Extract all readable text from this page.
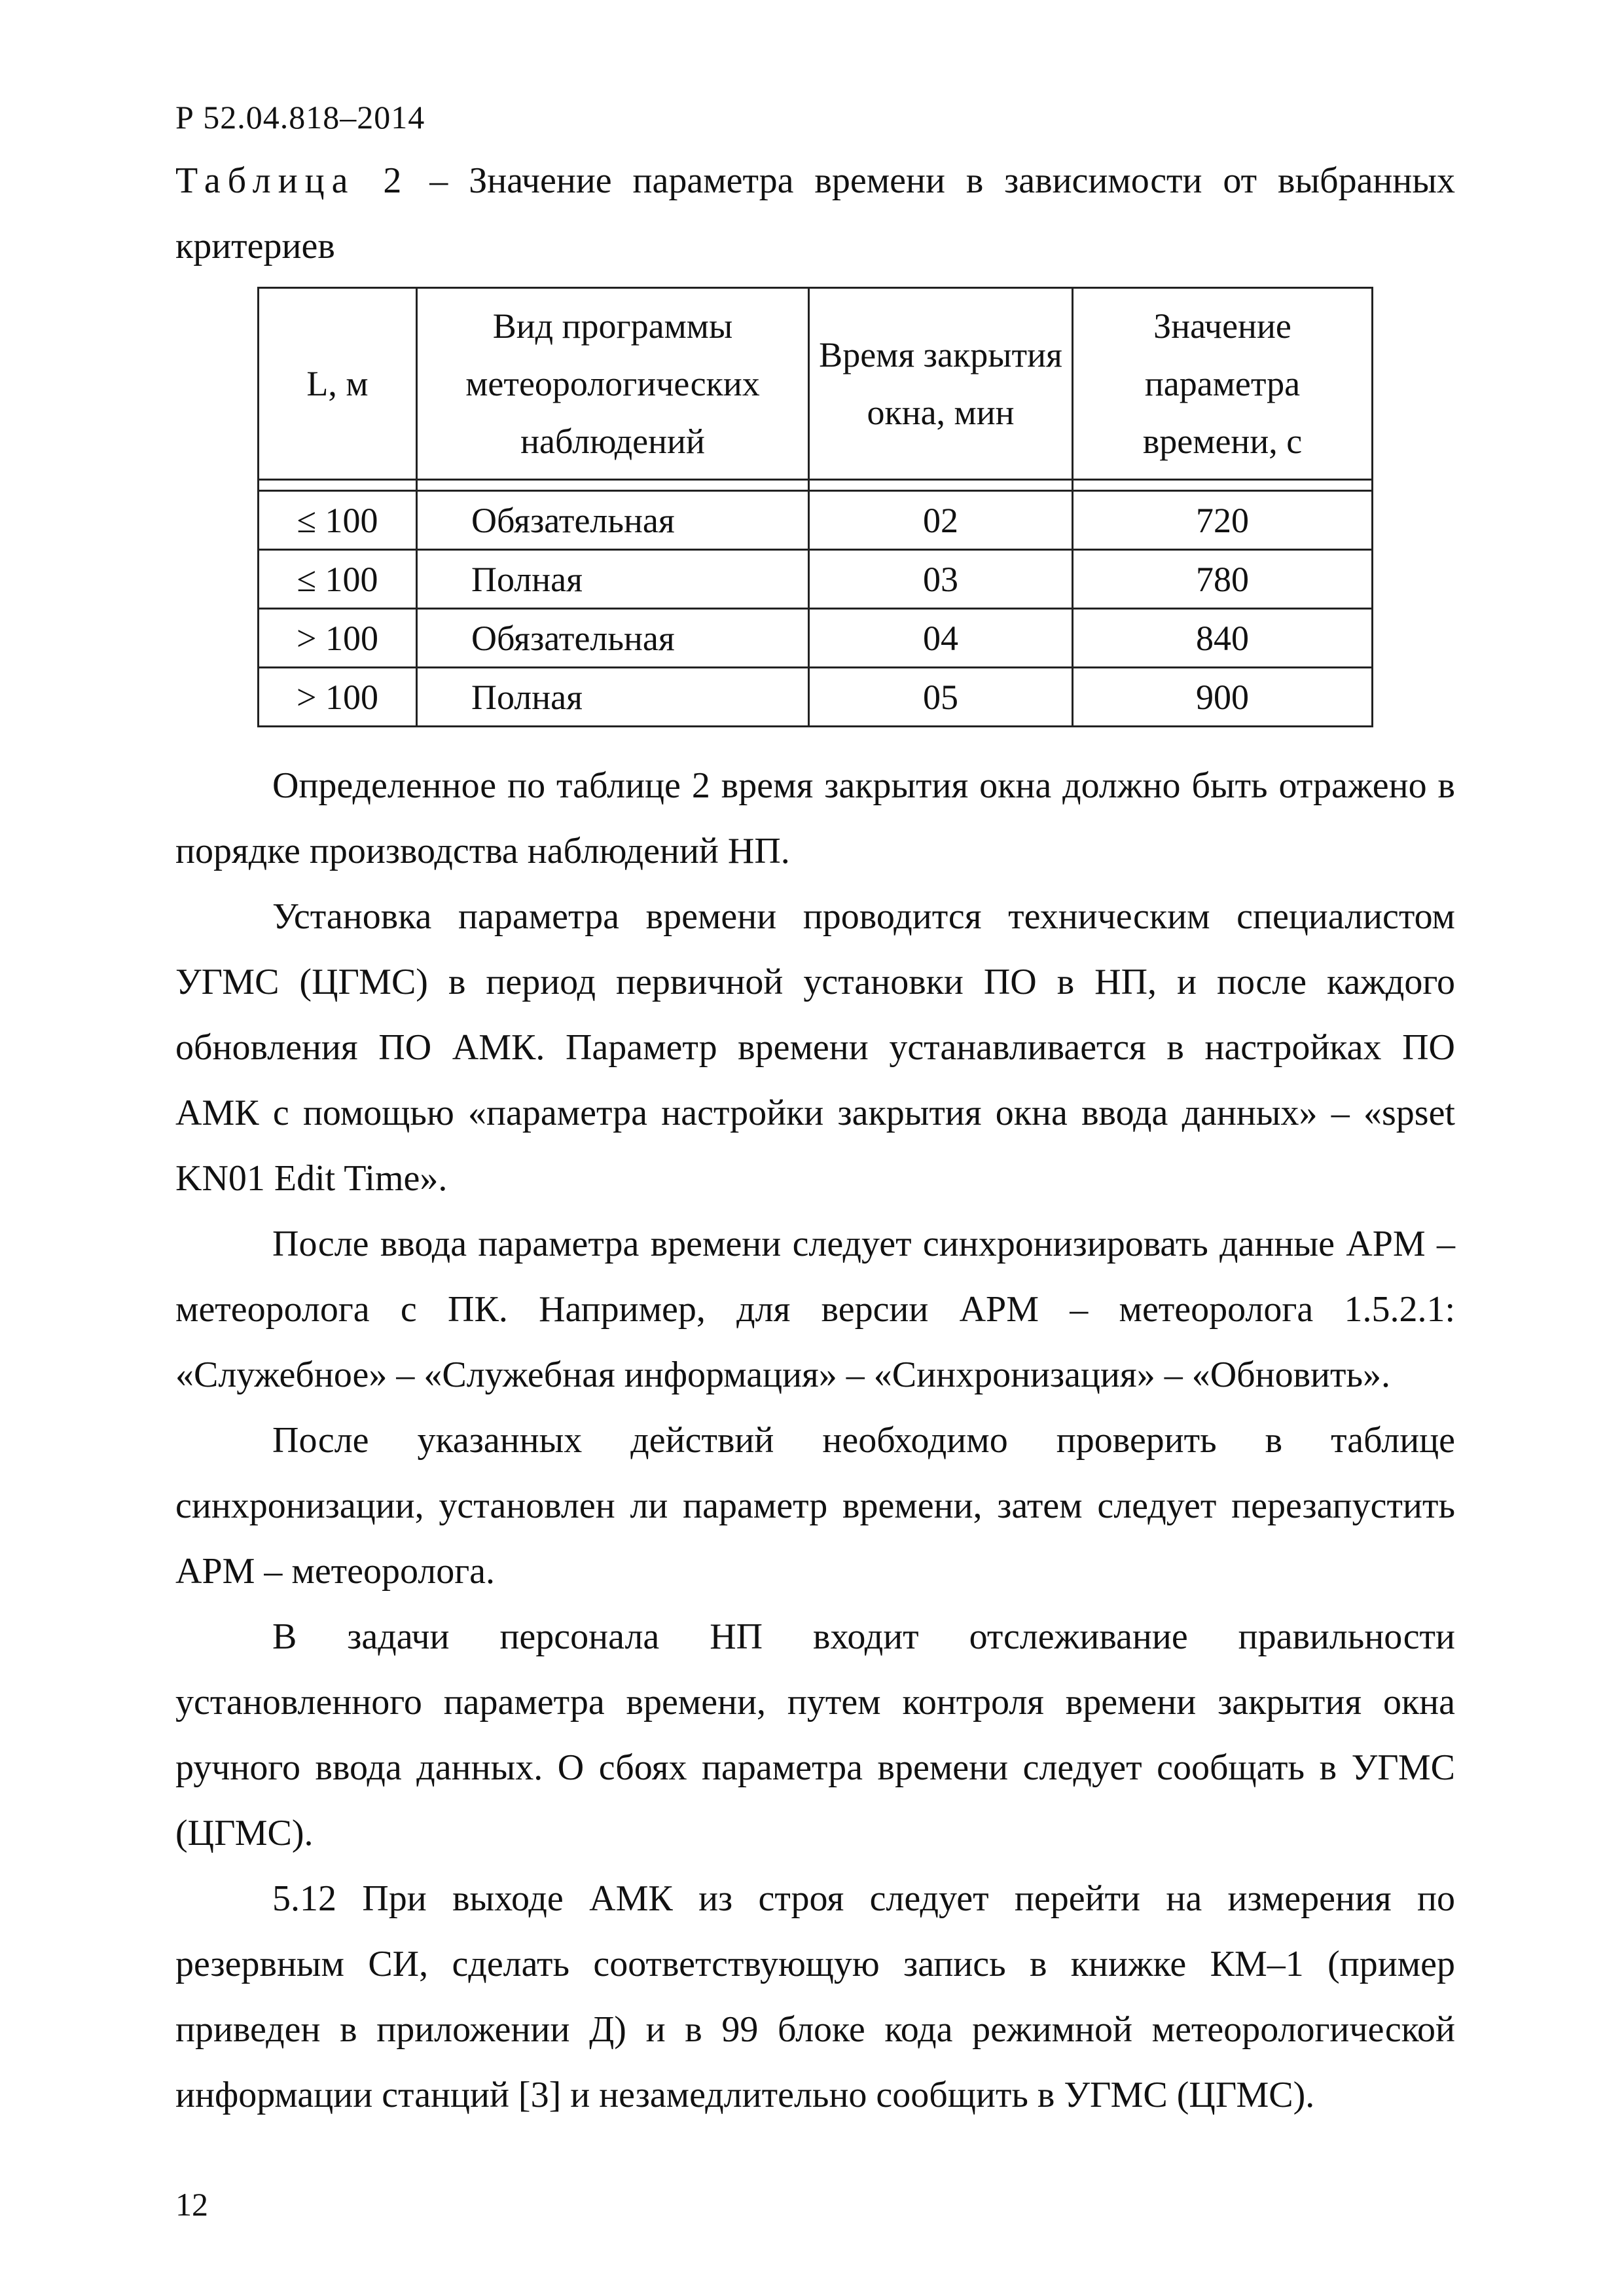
Р 52.04.818–2014
Таблица 2 – Значение параметра времени в зависимости от выбранных критериев
L, м	Вид программы метеорологических наблюдений	Время закрытия окна, мин	Значение параметра времени, с

≤ 100	Обязательная	02	720
≤ 100	Полная	03	780
> 100	Обязательная	04	840
> 100	Полная	05	900

Определенное по таблице 2 время закрытия окна должно быть отражено в порядке производства наблюдений НП.

Установка параметра времени проводится техническим специалистом УГМС (ЦГМС) в период первичной установки ПО в НП, и после каждого обновления ПО АМК. Параметр времени устанавливается в настройках ПО АМК с помощью «параметра настройки закрытия окна ввода данных» – «spset KN01 Edit Time».

После ввода параметра времени следует синхронизировать данные АРМ – метеоролога с ПК. Например, для версии АРМ – метеоролога 1.5.2.1: «Служебное» – «Служебная информация» – «Синхронизация» – «Обновить».

После указанных действий необходимо проверить в таблице синхронизации, установлен ли параметр времени, затем следует перезапустить АРМ – метеоролога.

В задачи персонала НП входит отслеживание правильности установленного параметра времени, путем контроля времени закрытия окна ручного ввода данных. О сбоях параметра времени следует сообщать в УГМС (ЦГМС).

5.12 При выходе АМК из строя следует перейти на измерения по резервным СИ, сделать соответствующую запись в книжке КМ–1 (пример приведен в приложении Д) и в 99 блоке кода режимной метеорологической информации станций [3] и незамедлительно сообщить в УГМС (ЦГМС).

12
